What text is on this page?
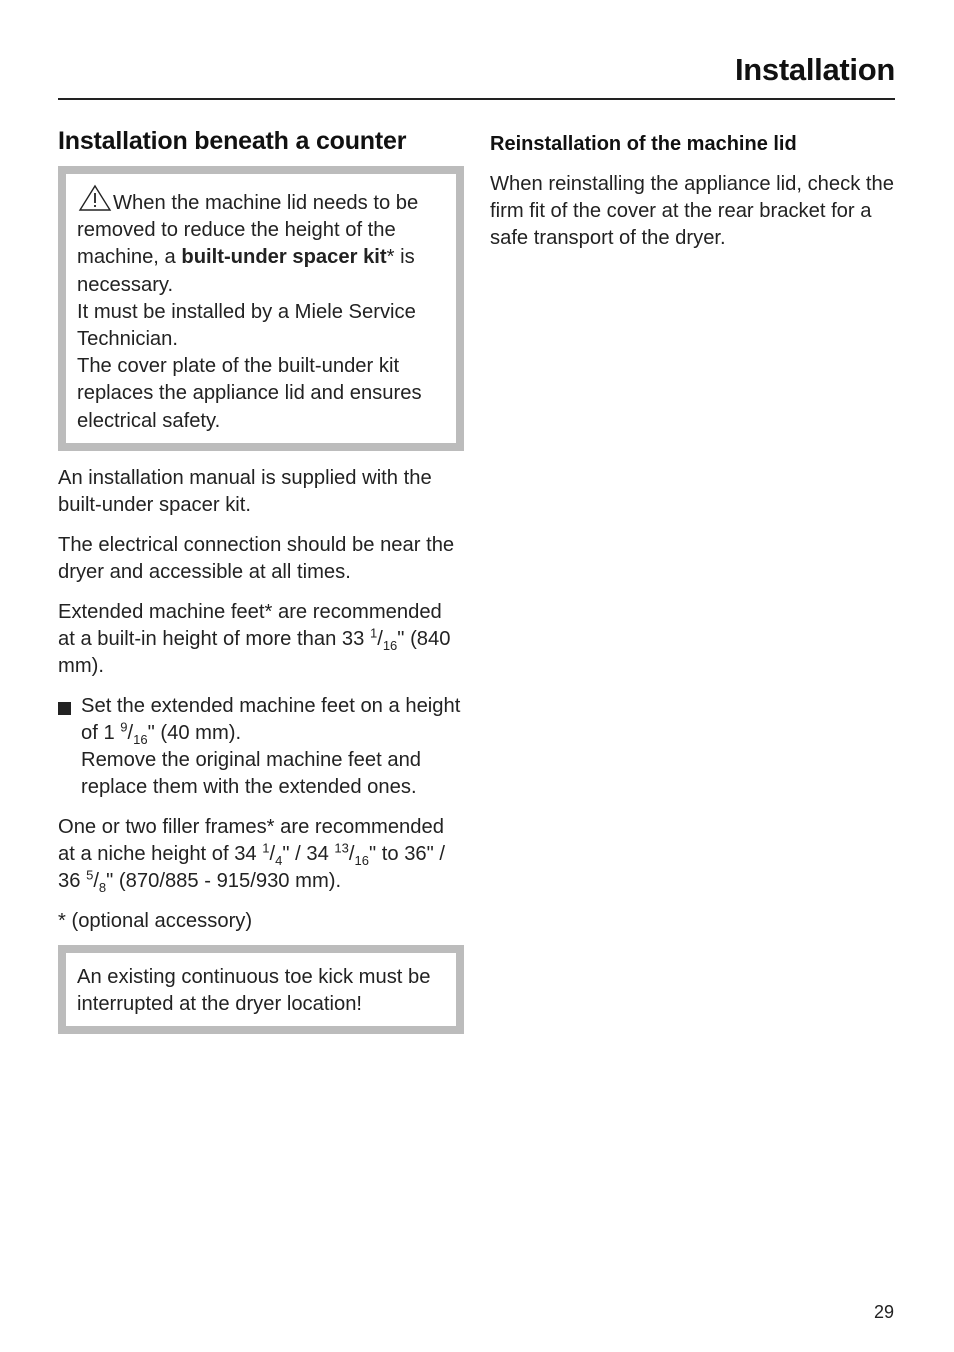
Installation
Installation beneath a counter

When the machine lid needs to be removed to reduce the height of the machine, a built-under spacer kit* is necessary.

It must be installed by a Miele Service Technician.

The cover plate of the built-under kit replaces the appliance lid and ensures electrical safety.

An installation manual is supplied with the built-under spacer kit.

The electrical connection should be near the dryer and accessible at all times.

Extended machine feet* are recommended at a built-in height of more than 33 $^1/_{16}$" (840 mm).

Set the extended machine feet on a height of 1 $^9/_{16}$" (40 mm).

Remove the original machine feet and replace them with the extended ones.

One or two filler frames* are recommended at a niche height of 34 $^1/_4$" / 34 $^{13}/_{16}$" to 36" / 36 $^5/_8$" (870/885 - 915/930 mm).

* (optional accessory)

An existing continuous toe kick must be interrupted at the dryer location!

Reinstallation of the machine lid

When reinstalling the appliance lid, check the firm fit of the cover at the rear bracket for a safe transport of the dryer.

29
